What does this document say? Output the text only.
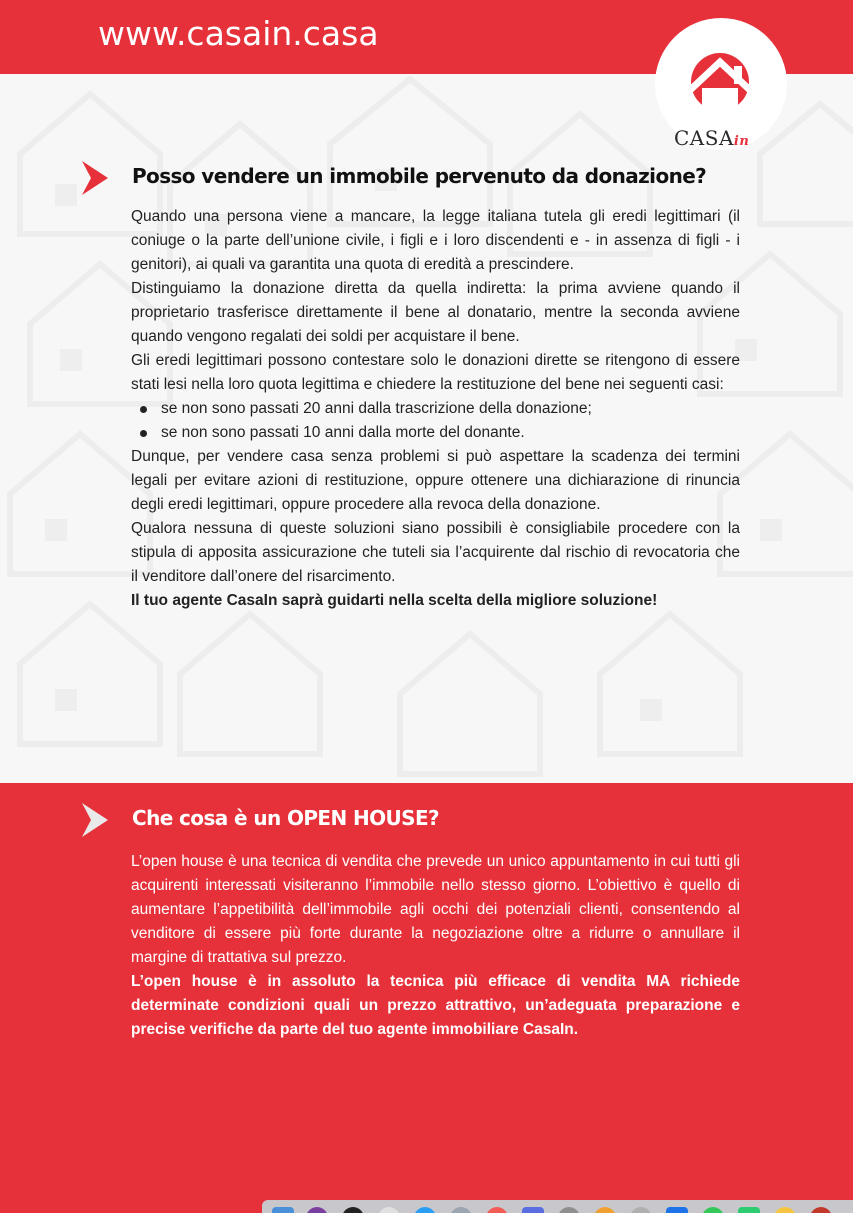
www.casain.casa
CASAin
Posso vendere un immobile pervenuto da donazione?

Quando una persona viene a mancare, la legge italiana tutela gli eredi legittimari (il coniuge o la parte dell’unione civile, i figli e i loro discendenti e - in assenza di figli - i genitori), ai quali va garantita una quota di eredità a prescindere.

Distinguiamo la donazione diretta da quella indiretta: la prima avviene quando il proprietario trasferisce direttamente il bene al donatario, mentre la seconda avviene quando vengono regalati dei soldi per acquistare il bene.

Gli eredi legittimari possono contestare solo le donazioni dirette se ritengono di essere stati lesi nella loro quota legittima e chiedere la restituzione del bene nei seguenti casi:

se non sono passati 20 anni dalla trascrizione della donazione;
se non sono passati 10 anni dalla morte del donante.

Dunque, per vendere casa senza problemi si può aspettare la scadenza dei termini legali per evitare azioni di restituzione, oppure ottenere una dichiarazione di rinuncia degli eredi legittimari, oppure procedere alla revoca della donazione.

Qualora nessuna di queste soluzioni siano possibili è consigliabile procedere con la stipula di apposita assicurazione che tuteli sia l’acquirente dal rischio di revocatoria che il venditore dall’onere del risarcimento.

Il tuo agente CasaIn saprà guidarti nella scelta della migliore soluzione!

Che cosa è un OPEN HOUSE?

L’open house è una tecnica di vendita che prevede un unico appuntamento in cui tutti gli acquirenti interessati visiteranno l’immobile nello stesso giorno. L’obiettivo è quello di aumentare l’appetibilità dell’immobile agli occhi dei potenziali clienti, consentendo al venditore di essere più forte durante la negoziazione oltre a ridurre o annullare il margine di trattativa sul prezzo.

L’open house è in assoluto la tecnica più efficace di vendita MA richiede determinate condizioni quali un prezzo attrattivo, un’adeguata preparazione e precise verifiche da parte del tuo agente immobiliare CasaIn.
